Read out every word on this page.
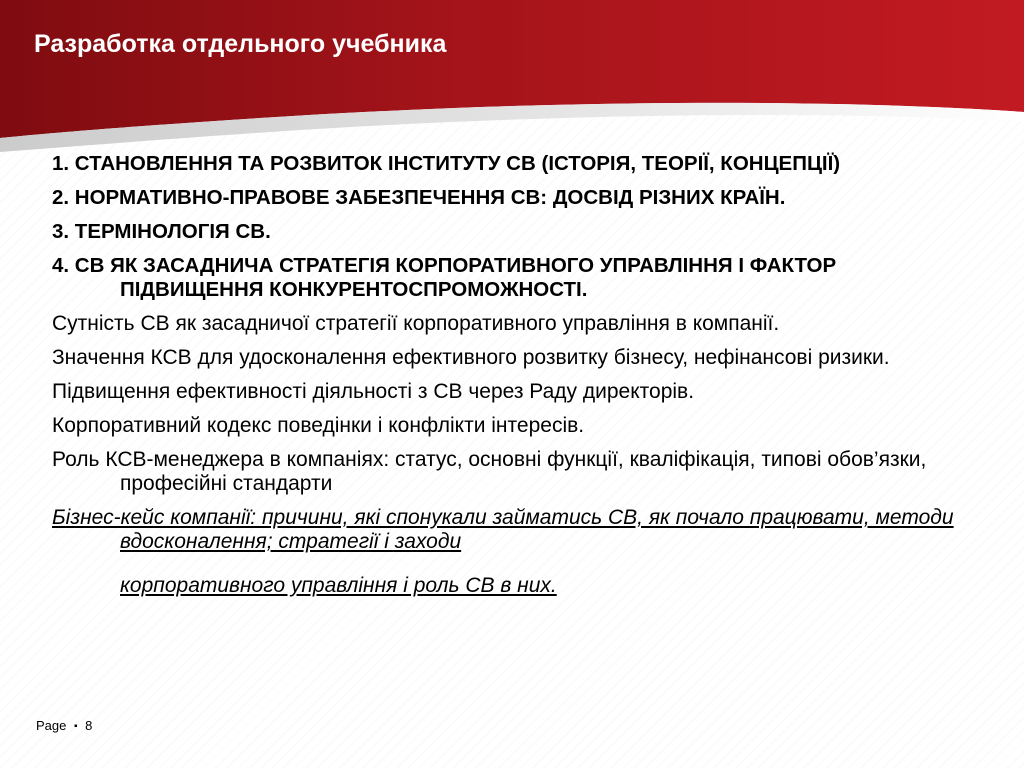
Разработка отдельного учебника

1. СТАНОВЛЕННЯ ТА РОЗВИТОК ІНСТИТУТУ СВ (ІСТОРІЯ, ТЕОРІЇ, КОНЦЕПЦІЇ)

2. НОРМАТИВНО-ПРАВОВЕ ЗАБЕЗПЕЧЕННЯ СВ: ДОСВІД РІЗНИХ КРАЇН.

3. ТЕРМІНОЛОГІЯ СВ.

4. СВ ЯК ЗАСАДНИЧА СТРАТЕГІЯ КОРПОРАТИВНОГО УПРАВЛІННЯ І ФАКТОР ПІДВИЩЕННЯ КОНКУРЕНТОСПРОМОЖНОСТІ.

Сутність СВ як засадничої стратегії корпоративного управління в компанії.

Значення КСВ для удосконалення ефективного розвитку бізнесу, нефінансові ризики.

Підвищення ефективності діяльності з СВ через Раду директорів.

Корпоративний кодекс поведінки і конфлікти інтересів.

Роль КСВ-менеджера в компаніях: статус, основні функції, кваліфікація, типові обов’язки, професійні стандарти

Бізнес-кейс компанії: причини, які спонукали займатись СВ, як почало працювати, методи вдосконалення; стратегії і заходи
корпоративного управління і роль СВ в них.

Page ▪ 8
